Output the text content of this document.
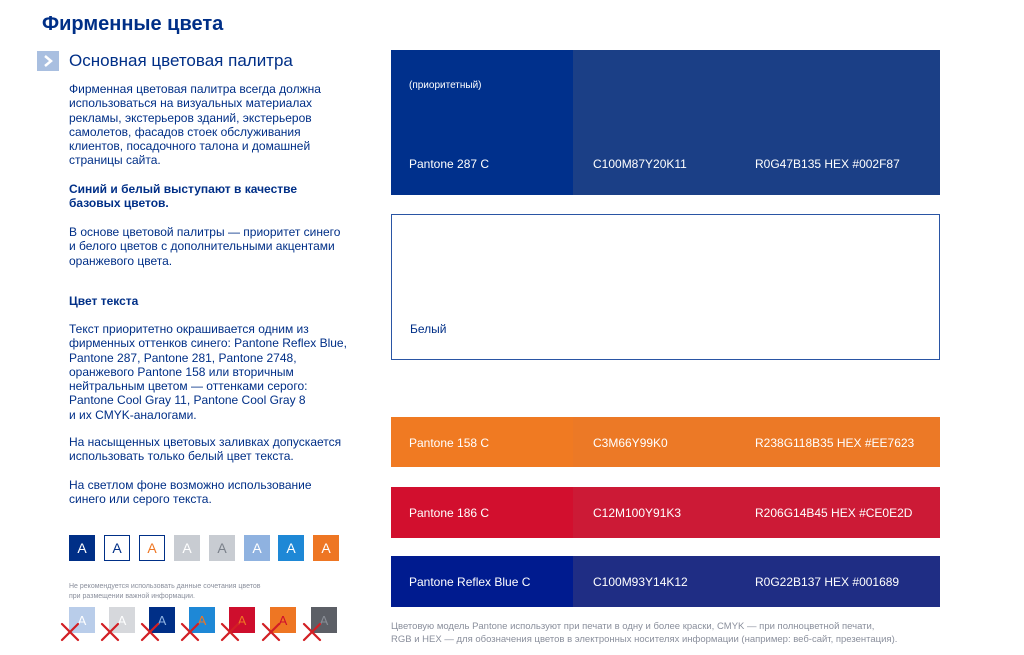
Фирменные цвета
Основная цветовая палитра
Фирменная цветовая палитра всегда должна
использоваться на визуальных материалах
рекламы, экстерьеров зданий, экстерьеров
самолетов, фасадов стоек обслуживания
клиентов, посадочного талона и домашней
страницы сайта.
Синий и белый выступают в качестве
базовых цветов.
В основе цветовой палитры — приоритет синего
и белого цветов с дополнительными акцентами
оранжевого цвета.
Цвет текста
Текст приоритетно окрашивается одним из
фирменных оттенков синего: Pantone Reflex Blue,
Pantone 287, Pantone 281, Pantone 2748,
оранжевого Pantone 158 или вторичным
нейтральным цветом — оттенками серого:
Pantone Cool Gray 11, Pantone Cool Gray 8
и их CMYK-аналогами.
На насыщенных цветовых заливках допускается
использовать только белый цвет текста.
На светлом фоне возможно использование
синего или серого текста.
A	A	A	A	A	A	A	A
Не рекомендуется использовать данные сочетания цветов
при размещении важной информации.
A	A	A	A	A	A	A
(приоритетный)
Pantone 287 C	C100M87Y20K11	R0G47B135 HEX #002F87
Белый
Pantone 158 C	C3M66Y99K0	R238G118B35 HEX #EE7623
Pantone 186 C	C12M100Y91K3	R206G14B45 HEX #CE0E2D
Pantone Reflex Blue C	C100M93Y14K12	R0G22B137 HEX #001689
Цветовую модель Pantone используют при печати в одну и более краски, CMYK — при полноцветной печати,
RGB и HEX — для обозначения цветов в электронных носителях информации (например: веб-сайт, презентация).
